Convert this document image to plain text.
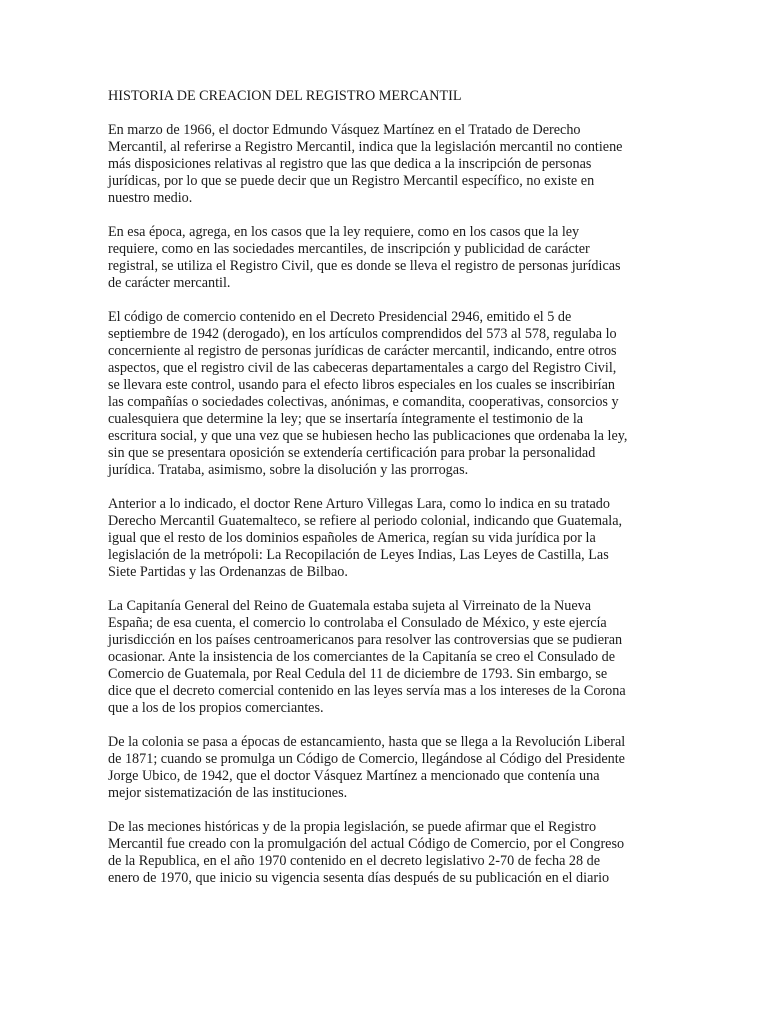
HISTORIA DE CREACION DEL REGISTRO MERCANTIL

En marzo de 1966, el doctor Edmundo Vásquez Martínez en el Tratado de Derecho
Mercantil, al referirse a Registro Mercantil, indica que la legislación mercantil no contiene
más disposiciones relativas al registro que las que dedica a la inscripción de personas
jurídicas, por lo que se puede decir que un Registro Mercantil específico, no existe en
nuestro medio.

En esa época, agrega, en los casos que la ley requiere, como en los casos que la ley
requiere, como en las sociedades mercantiles, de inscripción y publicidad de carácter
registral, se utiliza el Registro Civil, que es donde se lleva el registro de personas jurídicas
de carácter mercantil.

El código de comercio contenido en el Decreto Presidencial 2946, emitido el 5 de
septiembre de 1942 (derogado), en los artículos comprendidos del 573 al 578, regulaba lo
concerniente al registro de personas jurídicas de carácter mercantil, indicando, entre otros
aspectos, que el registro civil de las cabeceras departamentales a cargo del Registro Civil,
se llevara este control, usando para el efecto libros especiales en los cuales se inscribirían
las compañías o sociedades colectivas, anónimas, e comandita, cooperativas, consorcios y
cualesquiera que determine la ley; que se insertaría íntegramente el testimonio de la
escritura social, y que una vez que se hubiesen hecho las publicaciones que ordenaba la ley,
sin que se presentara oposición se extendería certificación para probar la personalidad
jurídica. Trataba, asimismo, sobre la disolución y las prorrogas.

Anterior a lo indicado, el doctor Rene Arturo Villegas Lara, como lo indica en su tratado
Derecho Mercantil Guatemalteco, se refiere al periodo colonial, indicando que Guatemala,
igual que el resto de los dominios españoles de America, regían su vida jurídica por la
legislación de la metrópoli: La Recopilación de Leyes Indias, Las Leyes de Castilla, Las
Siete Partidas y las Ordenanzas de Bilbao.

La Capitanía General del Reino de Guatemala estaba sujeta al Virreinato de la Nueva
España; de esa cuenta, el comercio lo controlaba el Consulado de México, y este ejercía
jurisdicción en los países centroamericanos para resolver las controversias que se pudieran
ocasionar. Ante la insistencia de los comerciantes de la Capitanía se creo el Consulado de
Comercio de Guatemala, por Real Cedula del 11 de diciembre de 1793. Sin embargo, se
dice que el decreto comercial contenido en las leyes servía mas a los intereses de la Corona
que a los de los propios comerciantes.

De la colonia se pasa a épocas de estancamiento, hasta que se llega a la Revolución Liberal
de 1871; cuando se promulga un Código de Comercio, llegándose al Código del Presidente
Jorge Ubico, de 1942, que el doctor Vásquez Martínez a mencionado que contenía una
mejor sistematización de las instituciones.

De las meciones históricas y de la propia legislación, se puede afirmar que el Registro
Mercantil fue creado con la promulgación del actual Código de Comercio, por el Congreso
de la Republica, en el año 1970 contenido en el decreto legislativo 2-70 de fecha 28 de
enero de 1970, que inicio su vigencia sesenta días después de su publicación en el diario
